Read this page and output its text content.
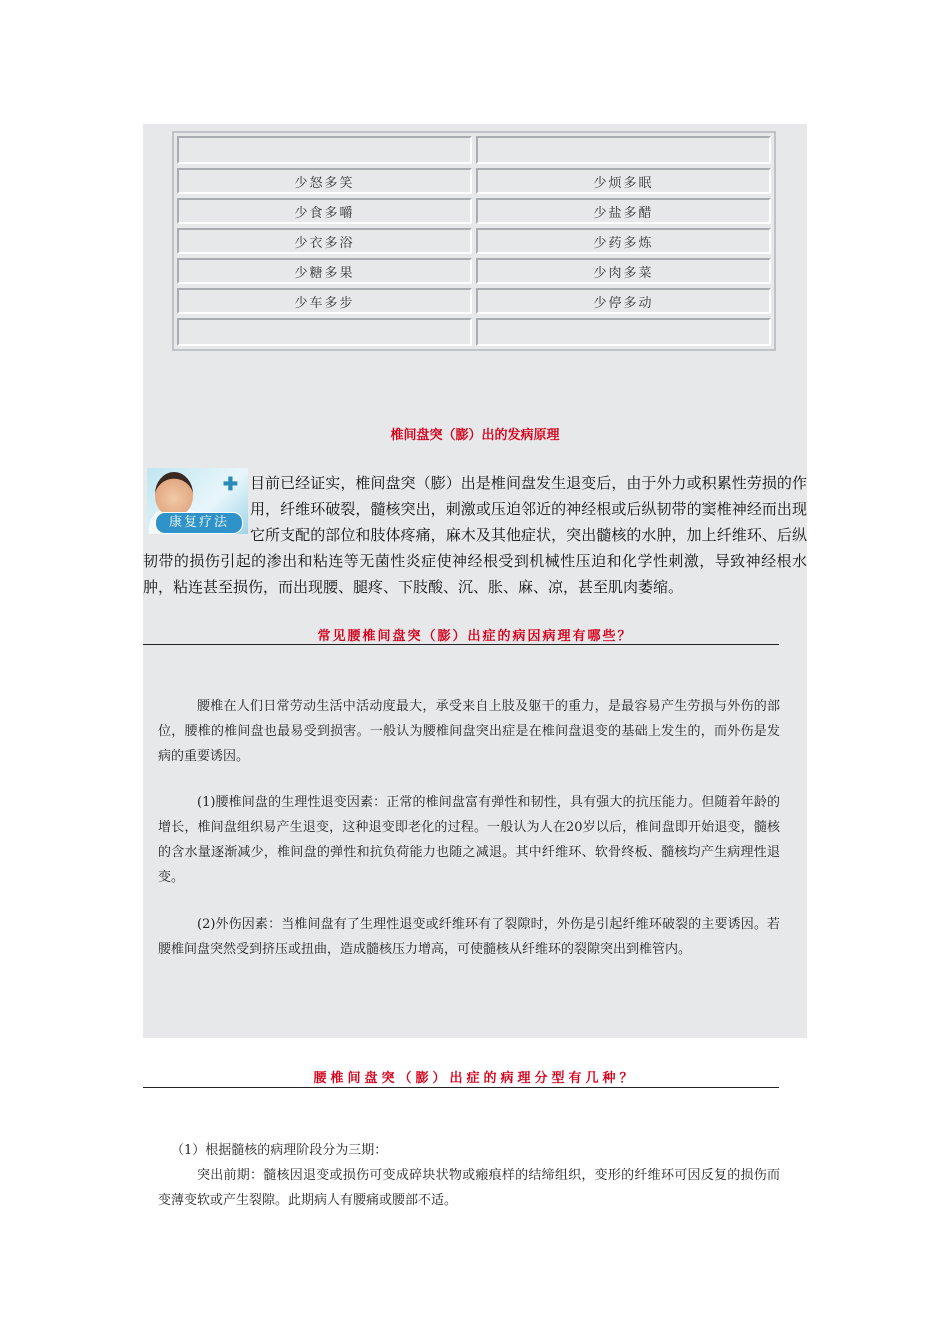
少怒多笑	少烦多眠
少食多嚼	少盐多醋
少衣多浴	少药多炼
少糖多果	少肉多菜
少车多步	少停多动
椎间盘突（膨）出的发病原理
目前已经证实，椎间盘突（膨）出是椎间盘发生退变后，由于外力或积累性劳损的作用，纤维环破裂，髓核突出，刺激或压迫邻近的神经根或后纵韧带的窦椎神经而出现它所支配的部位和肢体疼痛，麻木及其他症状，突出髓核的水肿，加上纤维环、后纵韧带的损伤引起的渗出和粘连等无菌性炎症使神经根受到机械性压迫和化学性刺激，导致神经根水肿，粘连甚至损伤，而出现腰、腿疼、下肢酸、沉、胀、麻、凉，甚至肌肉萎缩。
✚
康复疗法
常见腰椎间盘突（膨）出症的病因病理有哪些？
腰椎在人们日常劳动生活中活动度最大，承受来自上肢及躯干的重力，是最容易产生劳损与外伤的部位，腰椎的椎间盘也最易受到损害。一般认为腰椎间盘突出症是在椎间盘退变的基础上发生的，而外伤是发病的重要诱因。
(1)腰椎间盘的生理性退变因素：正常的椎间盘富有弹性和韧性，具有强大的抗压能力。但随着年龄的增长，椎间盘组织易产生退变，这种退变即老化的过程。一般认为人在20岁以后，椎间盘即开始退变，髓核的含水量逐渐减少，椎间盘的弹性和抗负荷能力也随之减退。其中纤维环、软骨终板、髓核均产生病理性退变。
(2)外伤因素：当椎间盘有了生理性退变或纤维环有了裂隙时，外伤是引起纤维环破裂的主要诱因。若腰椎间盘突然受到挤压或扭曲，造成髓核压力增高，可使髓核从纤维环的裂隙突出到椎管内。
腰椎间盘突（膨）出症的病理分型有几种？
（1）根据髓核的病理阶段分为三期：
突出前期：髓核因退变或损伤可变成碎块状物或瘢痕样的结缔组织，变形的纤维环可因反复的损伤而变薄变软或产生裂隙。此期病人有腰痛或腰部不适。
